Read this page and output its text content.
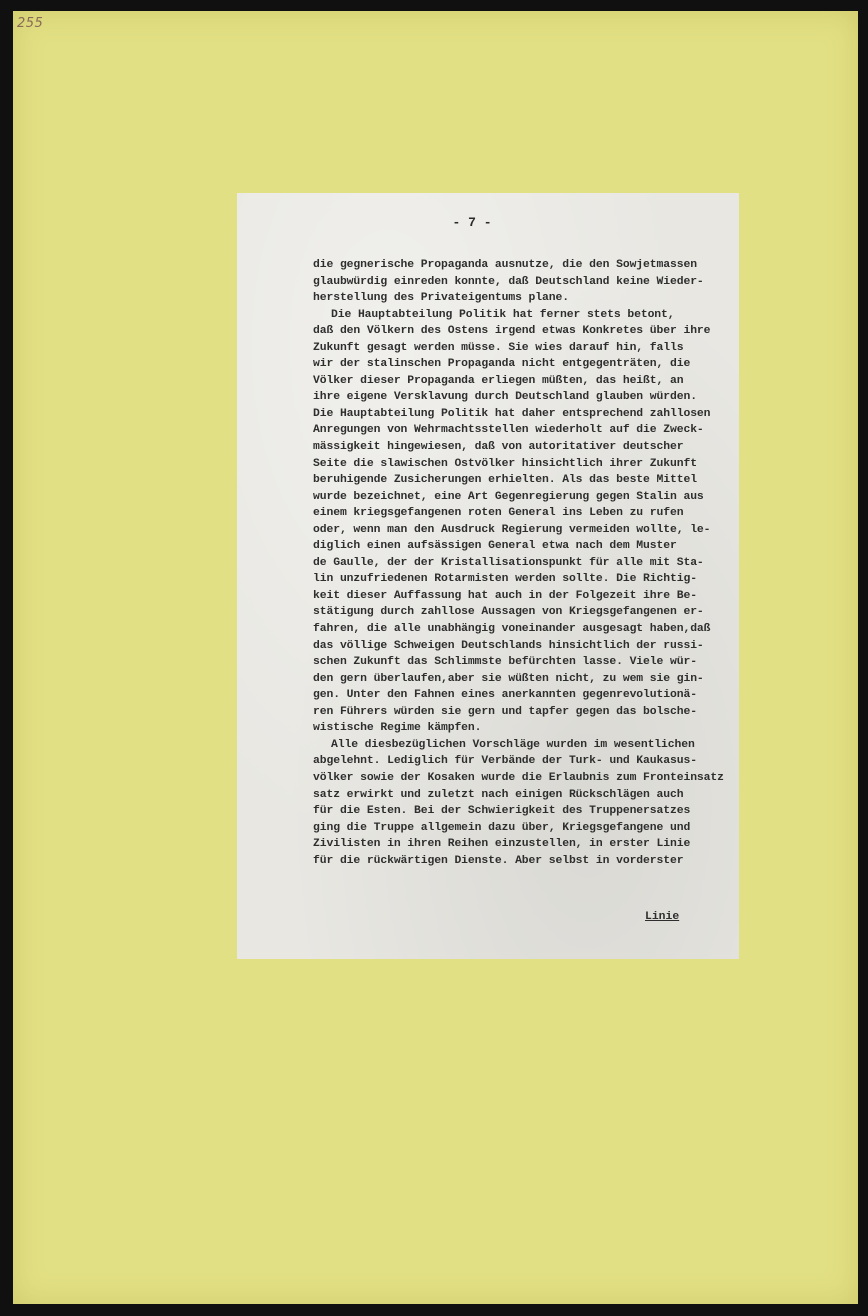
255
- 7 -
die gegnerische Propaganda ausnutze, die den Sowjetmassen
glaubwürdig einreden konnte, daß Deutschland keine Wieder-
herstellung des Privateigentums plane.
Die Hauptabteilung Politik hat ferner stets betont,
daß den Völkern des Ostens irgend etwas Konkretes über ihre
Zukunft gesagt werden müsse. Sie wies darauf hin, falls
wir der stalinschen Propaganda nicht entgegenträten, die
Völker dieser Propaganda erliegen müßten, das heißt, an
ihre eigene Versklavung durch Deutschland glauben würden.
Die Hauptabteilung Politik hat daher entsprechend zahllosen
Anregungen von Wehrmachtsstellen wiederholt auf die Zweck-
mässigkeit hingewiesen, daß von autoritativer deutscher
Seite die slawischen Ostvölker hinsichtlich ihrer Zukunft
beruhigende Zusicherungen erhielten. Als das beste Mittel
wurde bezeichnet, eine Art Gegenregierung gegen Stalin aus
einem kriegsgefangenen roten General ins Leben zu rufen
oder, wenn man den Ausdruck Regierung vermeiden wollte, le-
diglich einen aufsässigen General etwa nach dem Muster
de Gaulle, der der Kristallisationspunkt für alle mit Sta-
lin unzufriedenen Rotarmisten werden sollte. Die Richtig-
keit dieser Auffassung hat auch in der Folgezeit ihre Be-
stätigung durch zahllose Aussagen von Kriegsgefangenen er-
fahren, die alle unabhängig voneinander ausgesagt haben,daß
das völlige Schweigen Deutschlands hinsichtlich der russi-
schen Zukunft das Schlimmste befürchten lasse. Viele wür-
den gern überlaufen,aber sie wüßten nicht, zu wem sie gin-
gen. Unter den Fahnen eines anerkannten gegenrevolutionä-
ren Führers würden sie gern und tapfer gegen das bolsche-
wistische Regime kämpfen.
Alle diesbezüglichen Vorschläge wurden im wesentlichen
abgelehnt. Lediglich für Verbände der Turk- und Kaukasus-
völker sowie der Kosaken wurde die Erlaubnis zum Fronteinsatz
satz erwirkt und zuletzt nach einigen Rückschlägen auch
für die Esten. Bei der Schwierigkeit des Truppenersatzes
ging die Truppe allgemein dazu über, Kriegsgefangene und
Zivilisten in ihren Reihen einzustellen, in erster Linie
für die rückwärtigen Dienste. Aber selbst in vorderster
Linie
